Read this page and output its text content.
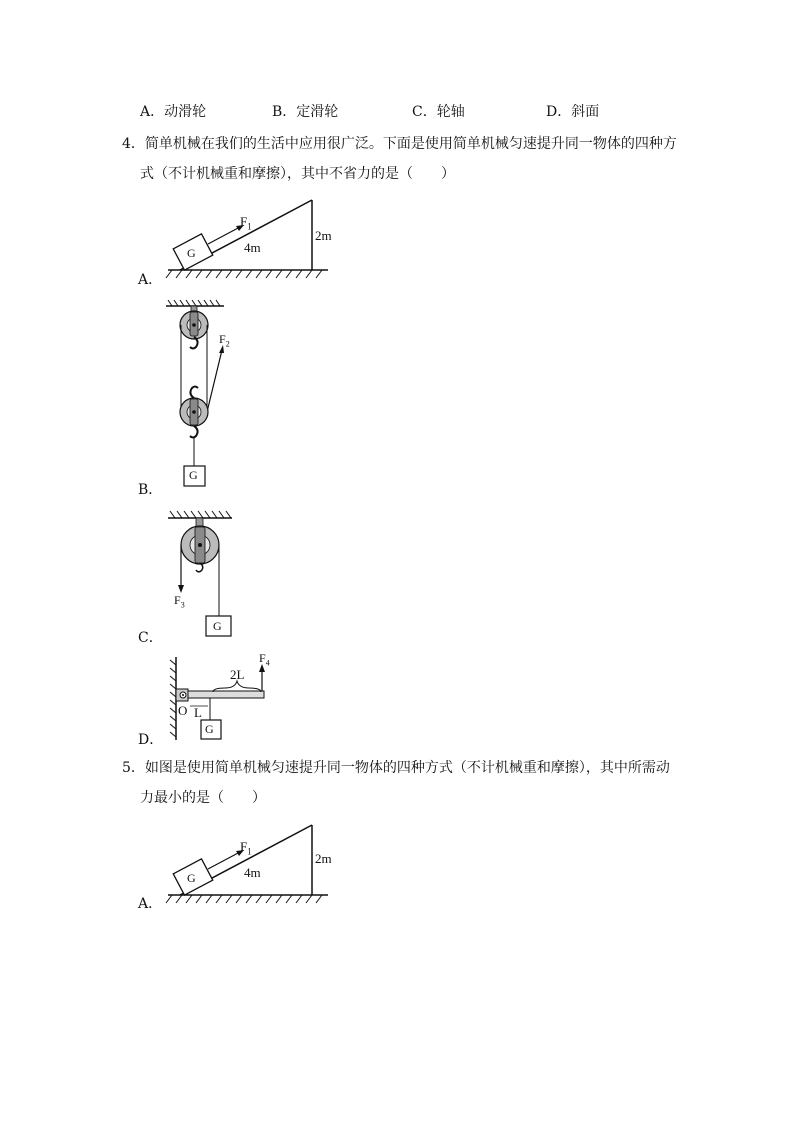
A．动滑轮	B．定滑轮	C．轮轴	D．斜面
4．简单机械在我们的生活中应用很广泛。下面是使用简单机械匀速提升同一物体的四种方
式（不计机械重和摩擦），其中不省力的是（　　）
G
$F_1$
4m
2m
A．
G
$F_2$
B．
G
$F_3$
C．
2L
$F_4$
O L
G
D．
5．如图是使用简单机械匀速提升同一物体的四种方式（不计机械重和摩擦），其中所需动
力最小的是（　　）
G
$F_1$
4m
2m
A．
